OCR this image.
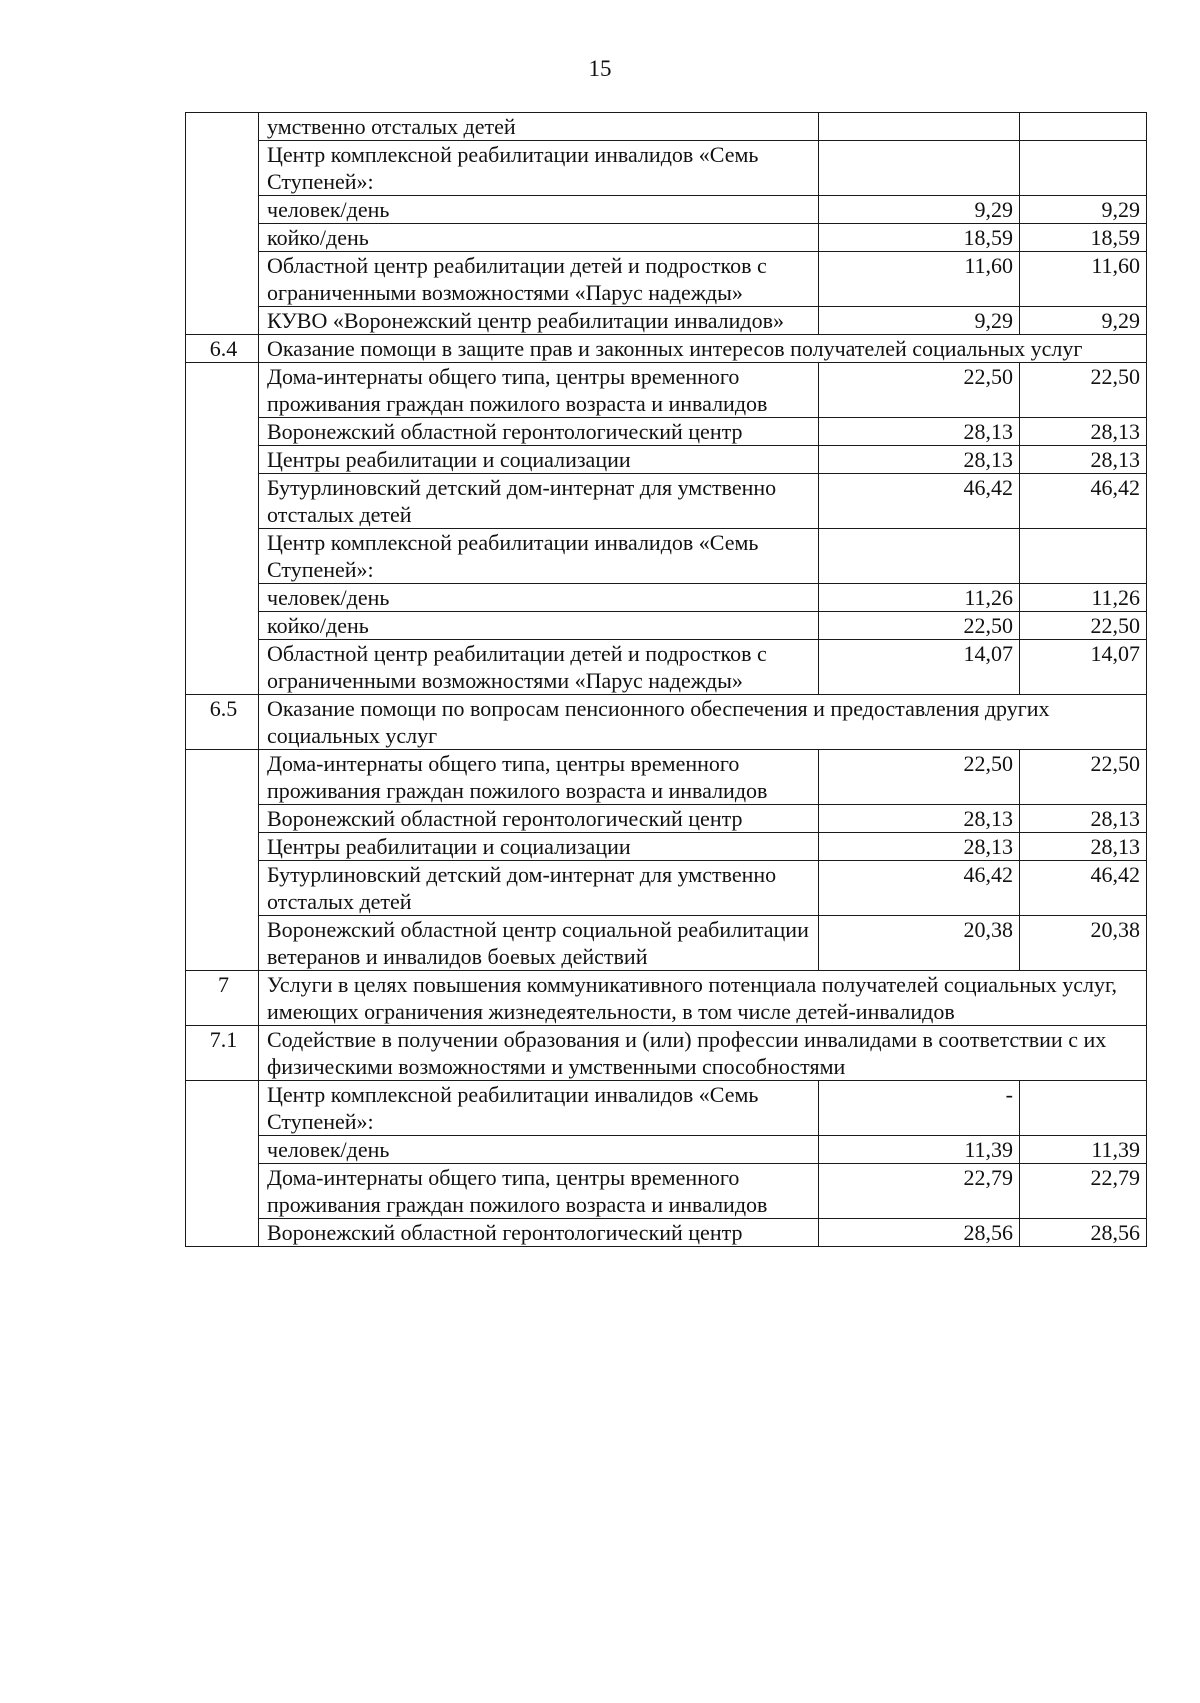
15
	умственно отсталых детей		
	Центр комплексной реабилитации инвалидов «Семь Ступеней»:		
	человек/день	9,29	9,29
	койко/день	18,59	18,59
	Областной центр реабилитации детей и подростков с ограниченными возможностями «Парус надежды»	11,60	11,60
	КУВО «Воронежский центр реабилитации инвалидов»	9,29	9,29
6.4	Оказание помощи в защите прав и законных интересов получателей социальных услуг		
	Дома-интернаты общего типа, центры временного проживания граждан пожилого возраста и инвалидов	22,50	22,50
	Воронежский областной геронтологический центр	28,13	28,13
	Центры реабилитации и социализации	28,13	28,13
	Бутурлиновский детский дом-интернат для умственно отсталых детей	46,42	46,42
	Центр комплексной реабилитации инвалидов «Семь Ступеней»:		
	человек/день	11,26	11,26
	койко/день	22,50	22,50
	Областной центр реабилитации детей и подростков с ограниченными возможностями «Парус надежды»	14,07	14,07
6.5	Оказание помощи по вопросам пенсионного обеспечения и предоставления других социальных услуг		
	Дома-интернаты общего типа, центры временного проживания граждан пожилого возраста и инвалидов	22,50	22,50
	Воронежский областной геронтологический центр	28,13	28,13
	Центры реабилитации и социализации	28,13	28,13
	Бутурлиновский детский дом-интернат для умственно отсталых детей	46,42	46,42
	Воронежский областной центр социальной реабилитации ветеранов и инвалидов боевых действий	20,38	20,38
7	Услуги в целях повышения коммуникативного потенциала получателей социальных услуг, имеющих ограничения жизнедеятельности, в том числе детей-инвалидов		
7.1	Содействие в получении образования и (или) профессии инвалидами в соответствии с их физическими возможностями и умственными способностями		
	Центр комплексной реабилитации инвалидов «Семь Ступеней»:	-	
	человек/день	11,39	11,39
	Дома-интернаты общего типа, центры временного проживания граждан пожилого возраста и инвалидов	22,79	22,79
	Воронежский областной геронтологический центр	28,56	28,56
